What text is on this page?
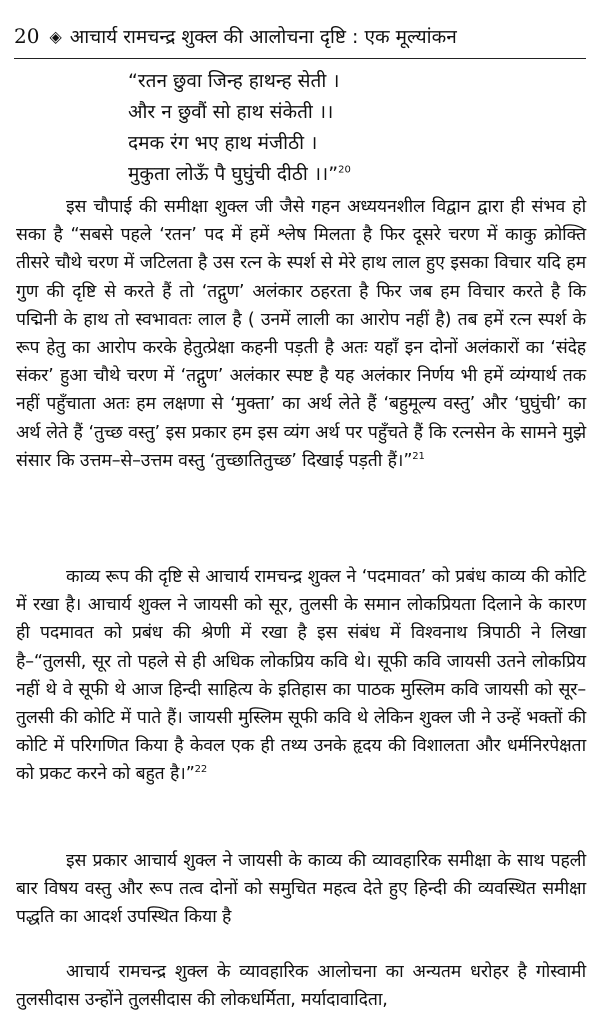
20 ◈ आचार्य रामचन्द्र शुक्ल की आलोचना दृष्टि : एक मूल्यांकन
“रतन छुवा जिन्ह हाथन्ह सेती ।
और न छुवौं सो हाथ संकेती ।।
दमक रंग भए हाथ मंजीठी ।
मुकुता लोऊँ पै घुघुंची दीठी ।।”$^{20}$

इस चौपाई की समीक्षा शुक्ल जी जैसे गहन अध्ययनशील विद्वान द्वारा ही संभव हो सका है “सबसे पहले ‘रतन’ पद में हमें श्लेष मिलता है फिर दूसरे चरण में काकु क्रोक्ति तीसरे चौथे चरण में जटिलता है उस रत्न के स्पर्श से मेरे हाथ लाल हुए इसका विचार यदि हम गुण की दृष्टि से करते हैं तो ‘तद्गुण’ अलंकार ठहरता है फिर जब हम विचार करते है कि पद्मिनी के हाथ तो स्वभावतः लाल है ( उनमें लाली का आरोप नहीं है) तब हमें रत्न स्पर्श के रूप हेतु का आरोप करके हेतुत्प्रेक्षा कहनी पड़ती है अतः यहाँ इन दोनों अलंकारों का ‘संदेह संकर’ हुआ चौथे चरण में ‘तद्गुण’ अलंकार स्पष्ट है यह अलंकार निर्णय भी हमें व्यंग्यार्थ तक नहीं पहुँचाता अतः हम लक्षणा से ‘मुक्ता’ का अर्थ लेते हैं ‘बहुमूल्य वस्तु’ और ‘घुघुंची’ का अर्थ लेते हैं ‘तुच्छ वस्तु’ इस प्रकार हम इस व्यंग अर्थ पर पहुँचते हैं कि रत्नसेन के सामने मुझे संसार कि उत्तम–से–उत्तम वस्तु ‘तुच्छातितुच्छ’ दिखाई पड़ती हैं।”$^{21}$

काव्य रूप की दृष्टि से आचार्य रामचन्द्र शुक्ल ने ‘पदमावत’ को प्रबंध काव्य की कोटि में रखा है। आचार्य शुक्ल ने जायसी को सूर, तुलसी के समान लोकप्रियता दिलाने के कारण ही पदमावत को प्रबंध की श्रेणी में रखा है इस संबंध में विश्वनाथ त्रिपाठी ने लिखा है–“तुलसी, सूर तो पहले से ही अधिक लोकप्रिय कवि थे। सूफी कवि जायसी उतने लोकप्रिय नहीं थे वे सूफी थे आज हिन्दी साहित्य के इतिहास का पाठक मुस्लिम कवि जायसी को सूर–तुलसी की कोटि में पाते हैं। जायसी मुस्लिम सूफी कवि थे लेकिन शुक्ल जी ने उन्हें भक्तों की कोटि में परिगणित किया है केवल एक ही तथ्य उनके हृदय की विशालता और धर्मनिरपेक्षता को प्रकट करने को बहुत है।”$^{22}$

इस प्रकार आचार्य शुक्ल ने जायसी के काव्य की व्यावहारिक समीक्षा के साथ पहली बार विषय वस्तु और रूप तत्व दोनों को समुचित महत्व देते हुए हिन्दी की व्यवस्थित समीक्षा पद्धति का आदर्श उपस्थित किया है

आचार्य रामचन्द्र शुक्ल के व्यावहारिक आलोचना का अन्यतम धरोहर है गोस्वामी तुलसीदास उन्होंने तुलसीदास की लोकधर्मिता, मर्यादावादिता,
